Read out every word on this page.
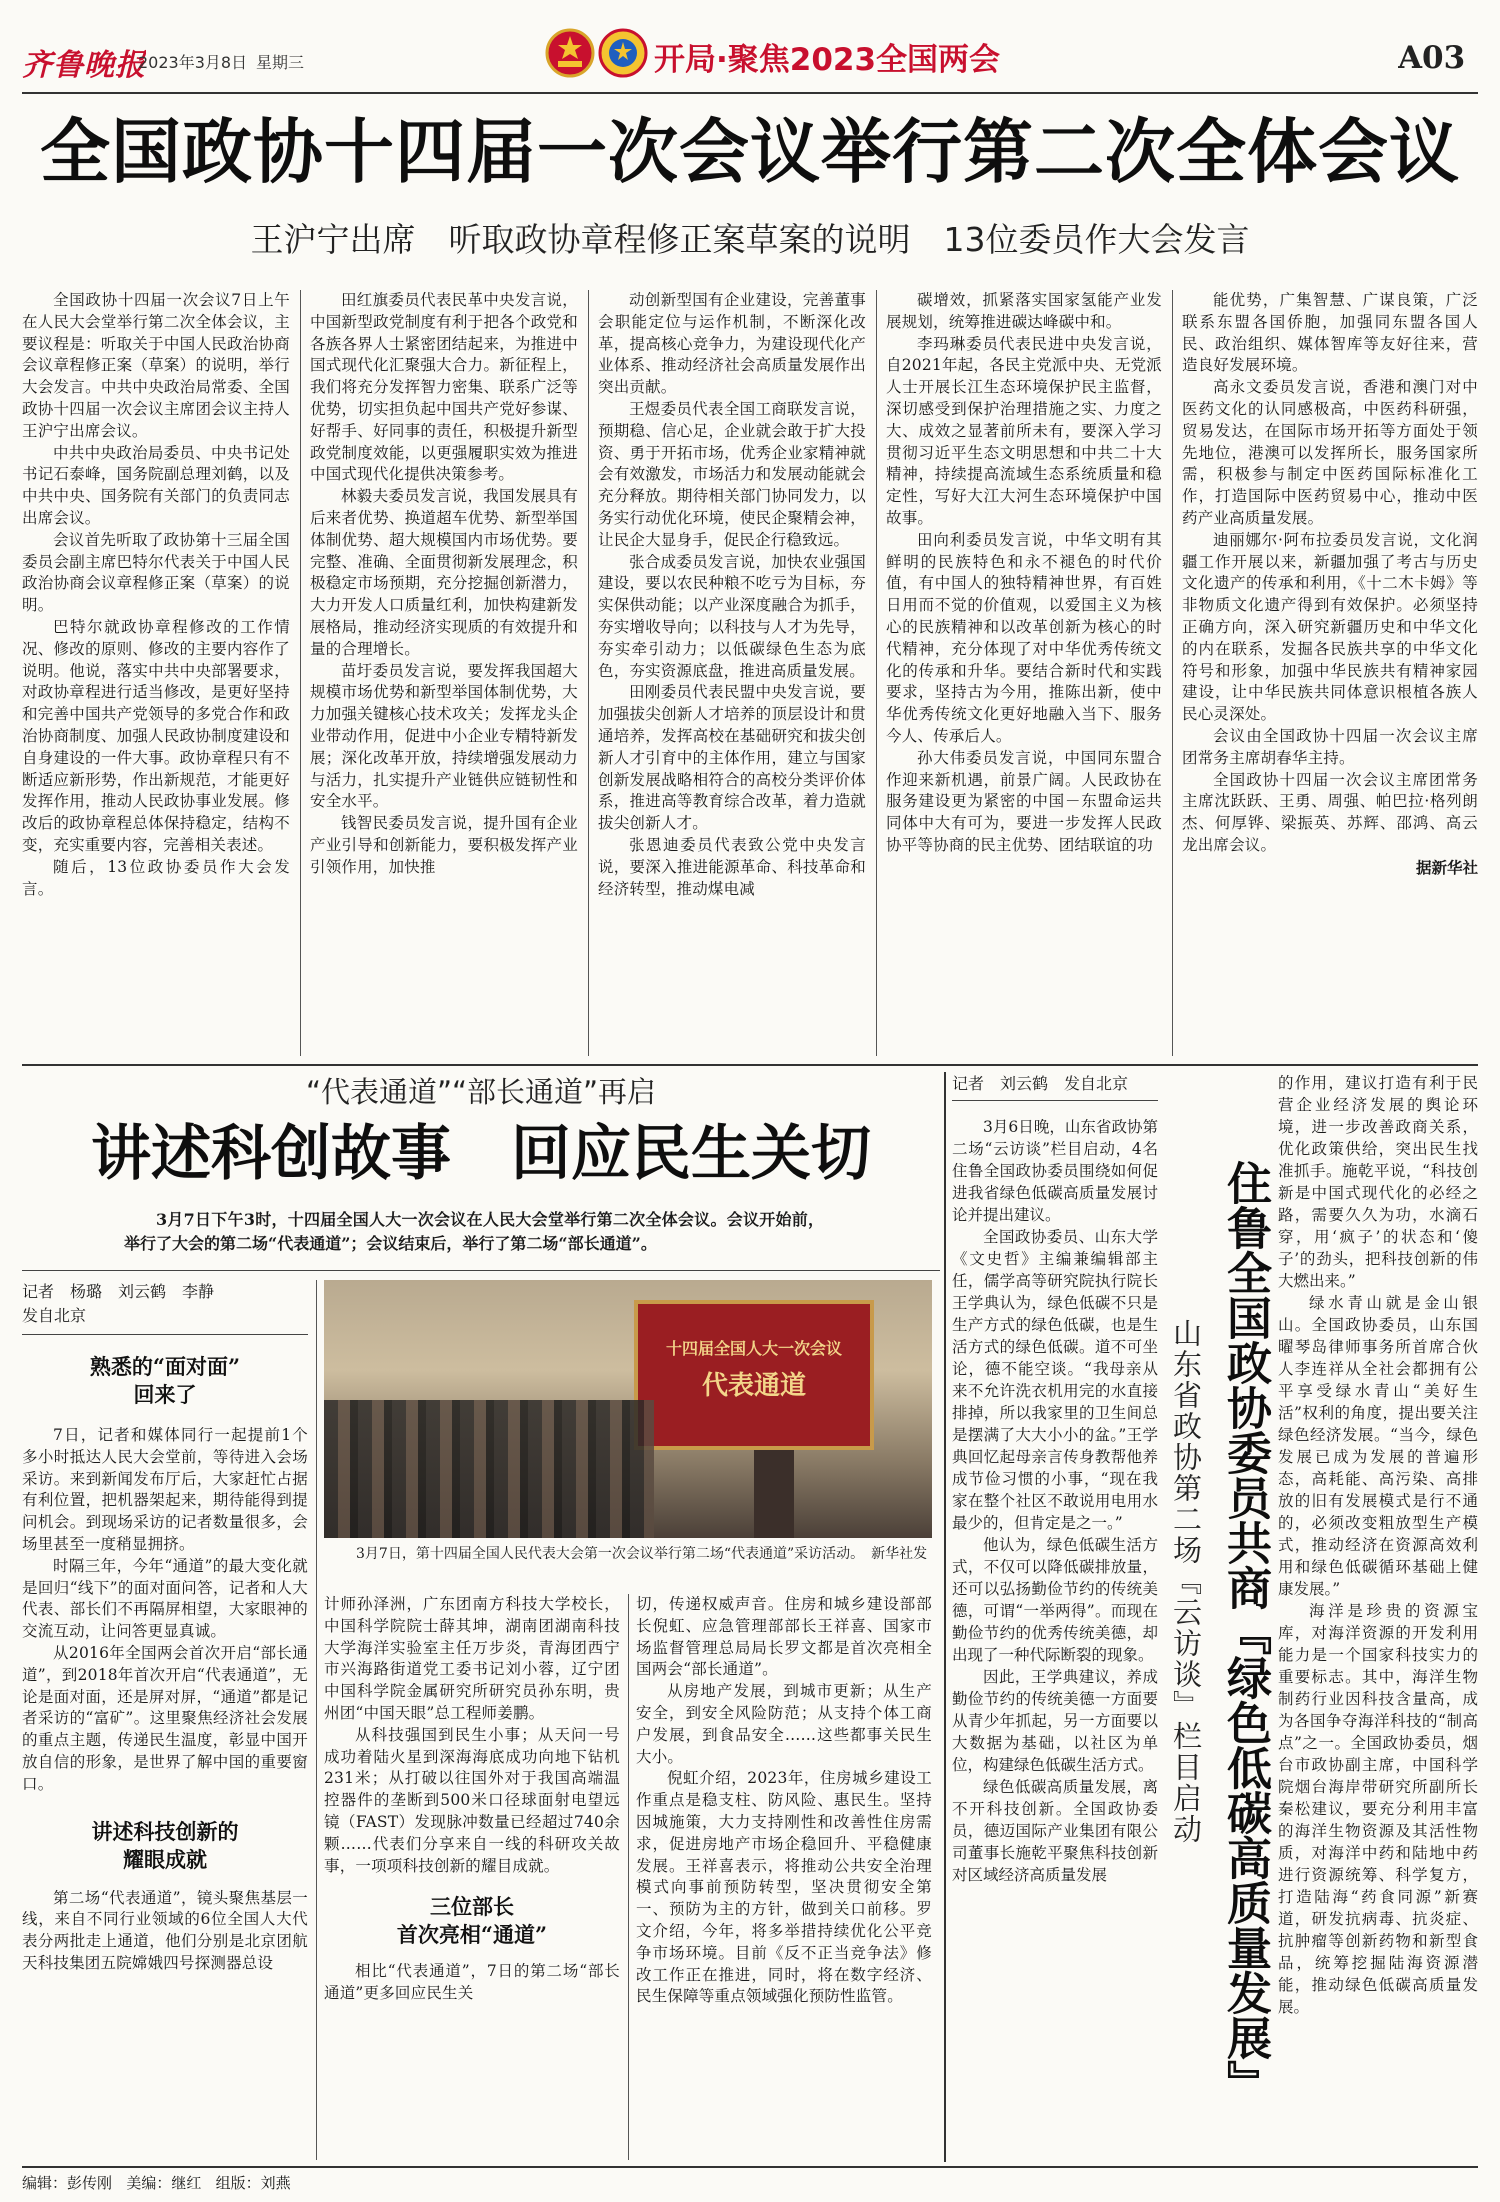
齐鲁晚报
2023年3月8日 星期三	开局·聚焦2023全国两会	A03
全国政协十四届一次会议举行第二次全体会议
王沪宁出席　听取政协章程修正案草案的说明　13位委员作大会发言
全国政协十四届一次会议7日上午在人民大会堂举行第二次全体会议，主要议程是：听取关于中国人民政治协商会议章程修正案（草案）的说明，举行大会发言。中共中央政治局常委、全国政协十四届一次会议主席团会议主持人王沪宁出席会议。
中共中央政治局委员、中央书记处书记石泰峰，国务院副总理刘鹤，以及中共中央、国务院有关部门的负责同志出席会议。
会议首先听取了政协第十三届全国委员会副主席巴特尔代表关于中国人民政治协商会议章程修正案（草案）的说明。
巴特尔就政协章程修改的工作情况、修改的原则、修改的主要内容作了说明。他说，落实中共中央部署要求，对政协章程进行适当修改，是更好坚持和完善中国共产党领导的多党合作和政治协商制度、加强人民政协制度建设和自身建设的一件大事。政协章程只有不断适应新形势，作出新规范，才能更好发挥作用，推动人民政协事业发展。修改后的政协章程总体保持稳定，结构不变，充实重要内容，完善相关表述。
随后，13位政协委员作大会发言。
田红旗委员代表民革中央发言说，中国新型政党制度有利于把各个政党和各族各界人士紧密团结起来，为推进中国式现代化汇聚强大合力。新征程上，我们将充分发挥智力密集、联系广泛等优势，切实担负起中国共产党好参谋、好帮手、好同事的责任，积极提升新型政党制度效能，以更强履职实效为推进中国式现代化提供决策参考。
林毅夫委员发言说，我国发展具有后来者优势、换道超车优势、新型举国体制优势、超大规模国内市场优势。要完整、准确、全面贯彻新发展理念，积极稳定市场预期，充分挖掘创新潜力，大力开发人口质量红利，加快构建新发展格局，推动经济实现质的有效提升和量的合理增长。
苗圩委员发言说，要发挥我国超大规模市场优势和新型举国体制优势，大力加强关键核心技术攻关；发挥龙头企业带动作用，促进中小企业专精特新发展；深化改革开放，持续增强发展动力与活力，扎实提升产业链供应链韧性和安全水平。
钱智民委员发言说，提升国有企业产业引导和创新能力，要积极发挥产业引领作用，加快推
动创新型国有企业建设，完善董事会职能定位与运作机制，不断深化改革，提高核心竞争力，为建设现代化产业体系、推动经济社会高质量发展作出突出贡献。
王煜委员代表全国工商联发言说，预期稳、信心足，企业就会敢于扩大投资、勇于开拓市场，优秀企业家精神就会有效激发，市场活力和发展动能就会充分释放。期待相关部门协同发力，以务实行动优化环境，使民企聚精会神，让民企大显身手，促民企行稳致远。
张合成委员发言说，加快农业强国建设，要以农民种粮不吃亏为目标，夯实保供动能；以产业深度融合为抓手，夯实增收导向；以科技与人才为先导，夯实牵引动力；以低碳绿色生态为底色，夯实资源底盘，推进高质量发展。
田刚委员代表民盟中央发言说，要加强拔尖创新人才培养的顶层设计和贯通培养，发挥高校在基础研究和拔尖创新人才引育中的主体作用，建立与国家创新发展战略相符合的高校分类评价体系，推进高等教育综合改革，着力造就拔尖创新人才。
张恩迪委员代表致公党中央发言说，要深入推进能源革命、科技革命和经济转型，推动煤电减
碳增效，抓紧落实国家氢能产业发展规划，统筹推进碳达峰碳中和。
李玛琳委员代表民进中央发言说，自2021年起，各民主党派中央、无党派人士开展长江生态环境保护民主监督，深切感受到保护治理措施之实、力度之大、成效之显著前所未有，要深入学习贯彻习近平生态文明思想和中共二十大精神，持续提高流域生态系统质量和稳定性，写好大江大河生态环境保护中国故事。
田向利委员发言说，中华文明有其鲜明的民族特色和永不褪色的时代价值，有中国人的独特精神世界，有百姓日用而不觉的价值观，以爱国主义为核心的民族精神和以改革创新为核心的时代精神，充分体现了对中华优秀传统文化的传承和升华。要结合新时代和实践要求，坚持古为今用，推陈出新，使中华优秀传统文化更好地融入当下、服务今人、传承后人。
孙大伟委员发言说，中国同东盟合作迎来新机遇，前景广阔。人民政协在服务建设更为紧密的中国－东盟命运共同体中大有可为，要进一步发挥人民政协平等协商的民主优势、团结联谊的功
能优势，广集智慧、广谋良策，广泛联系东盟各国侨胞，加强同东盟各国人民、政治组织、媒体智库等友好往来，营造良好发展环境。
高永文委员发言说，香港和澳门对中医药文化的认同感极高，中医药科研强，贸易发达，在国际市场开拓等方面处于领先地位，港澳可以发挥所长，服务国家所需，积极参与制定中医药国际标准化工作，打造国际中医药贸易中心，推动中医药产业高质量发展。
迪丽娜尔·阿布拉委员发言说，文化润疆工作开展以来，新疆加强了考古与历史文化遗产的传承和利用，《十二木卡姆》等非物质文化遗产得到有效保护。必须坚持正确方向，深入研究新疆历史和中华文化的内在联系，发掘各民族共享的中华文化符号和形象，加强中华民族共有精神家园建设，让中华民族共同体意识根植各族人民心灵深处。
会议由全国政协十四届一次会议主席团常务主席胡春华主持。
全国政协十四届一次会议主席团常务主席沈跃跃、王勇、周强、帕巴拉·格列朗杰、何厚铧、梁振英、苏辉、邵鸿、高云龙出席会议。
据新华社
“代表通道”“部长通道”再启
讲述科创故事　回应民生关切
3月7日下午3时，十四届全国人大一次会议在人民大会堂举行第二次全体会议。会议开始前，举行了大会的第二场“代表通道”；会议结束后，举行了第二场“部长通道”。
记者　杨璐　刘云鹤　李静
发自北京
熟悉的“面对面”
回来了
7日，记者和媒体同行一起提前1个多小时抵达人民大会堂前，等待进入会场采访。来到新闻发布厅后，大家赶忙占据有利位置，把机器架起来，期待能得到提问机会。到现场采访的记者数量很多，会场里甚至一度稍显拥挤。
时隔三年，今年“通道”的最大变化就是回归“线下”的面对面问答，记者和人大代表、部长们不再隔屏相望，大家眼神的交流互动，让问答更显真诚。
从2016年全国两会首次开启“部长通道”，到2018年首次开启“代表通道”，无论是面对面，还是屏对屏，“通道”都是记者采访的“富矿”。这里聚焦经济社会发展的重点主题，传递民生温度，彰显中国开放自信的形象，是世界了解中国的重要窗口。
讲述科技创新的
耀眼成就
第二场“代表通道”，镜头聚焦基层一线，来自不同行业领域的6位全国人大代表分两批走上通道，他们分别是北京团航天科技集团五院嫦娥四号探测器总设
十四届全国人大一次会议
代表通道
3月7日，第十四届全国人民代表大会第一次会议举行第二场“代表通道”采访活动。　新华社发
计师孙泽洲，广东团南方科技大学校长，中国科学院院士薛其坤，湖南团湖南科技大学海洋实验室主任万步炎，青海团西宁市兴海路街道党工委书记刘小蓉，辽宁团中国科学院金属研究所研究员孙东明，贵州团“中国天眼”总工程师姜鹏。
从科技强国到民生小事；从天问一号成功着陆火星到深海海底成功向地下钻机231米；从打破以往国外对于我国高端温控器件的垄断到500米口径球面射电望远镜（FAST）发现脉冲数量已经超过740余颗……代表们分享来自一线的科研攻关故事，一项项科技创新的耀目成就。
三位部长
首次亮相“通道”
相比“代表通道”，7日的第二场“部长通道”更多回应民生关
切，传递权威声音。住房和城乡建设部部长倪虹、应急管理部部长王祥喜、国家市场监督管理总局局长罗文都是首次亮相全国两会“部长通道”。
从房地产发展，到城市更新；从生产安全，到安全风险防范；从支持个体工商户发展，到食品安全……这些都事关民生大小。
倪虹介绍，2023年，住房城乡建设工作重点是稳支柱、防风险、惠民生。坚持因城施策，大力支持刚性和改善性住房需求，促进房地产市场企稳回升、平稳健康发展。王祥喜表示，将推动公共安全治理模式向事前预防转型，坚决贯彻安全第一、预防为主的方针，做到关口前移。罗文介绍，今年，将多举措持续优化公平竞争市场环境。目前《反不正当竞争法》修改工作正在推进，同时，将在数字经济、民生保障等重点领域强化预防性监管。
记者　刘云鹤　发自北京
3月6日晚，山东省政协第二场“云访谈”栏目启动，4名住鲁全国政协委员围绕如何促进我省绿色低碳高质量发展讨论并提出建议。
全国政协委员、山东大学《文史哲》主编兼编辑部主任，儒学高等研究院执行院长王学典认为，绿色低碳不只是生产方式的绿色低碳，也是生活方式的绿色低碳。道不可坐论，德不能空谈。“我母亲从来不允许洗衣机用完的水直接排掉，所以我家里的卫生间总是摆满了大大小小的盆。”王学典回忆起母亲言传身教帮他养成节俭习惯的小事，“现在我家在整个社区不敢说用电用水最少的，但肯定是之一。”
他认为，绿色低碳生活方式，不仅可以降低碳排放量，还可以弘扬勤俭节约的传统美德，可谓“一举两得”。而现在勤俭节约的优秀传统美德，却出现了一种代际断裂的现象。
因此，王学典建议，养成勤俭节约的传统美德一方面要从青少年抓起，另一方面要以大数据为基础，以社区为单位，构建绿色低碳生活方式。
绿色低碳高质量发展，离不开科技创新。全国政协委员，德迈国际产业集团有限公司董事长施乾平聚焦科技创新对区域经济高质量发展
山东省政协第二场『云访谈』栏目启动 住鲁全国政协委员共商『绿色低碳高质量发展』
的作用，建议打造有利于民营企业经济发展的舆论环境，进一步改善政商关系，优化政策供给，突出民生找准抓手。施乾平说，“科技创新是中国式现代化的必经之路，需要久久为功，水滴石穿，用‘疯子’的状态和‘傻子’的劲头，把科技创新的伟大燃出来。”
绿水青山就是金山银山。全国政协委员，山东国曜琴岛律师事务所首席合伙人李连祥从全社会都拥有公平享受绿水青山“美好生活”权利的角度，提出要关注绿色经济发展。“当今，绿色发展已成为发展的普遍形态，高耗能、高污染、高排放的旧有发展模式是行不通的，必须改变粗放型生产模式，推动经济在资源高效利用和绿色低碳循环基础上健康发展。”
海洋是珍贵的资源宝库，对海洋资源的开发利用能力是一个国家科技实力的重要标志。其中，海洋生物制药行业因科技含量高，成为各国争夺海洋科技的“制高点”之一。全国政协委员，烟台市政协副主席，中国科学院烟台海岸带研究所副所长秦松建议，要充分利用丰富的海洋生物资源及其活性物质，对海洋中药和陆地中药进行资源统筹、科学复方，打造陆海“药食同源”新赛道，研发抗病毒、抗炎症、抗肿瘤等创新药物和新型食品，统筹挖掘陆海资源潜能，推动绿色低碳高质量发展。
编辑：彭传刚 美编：继红 组版：刘燕
